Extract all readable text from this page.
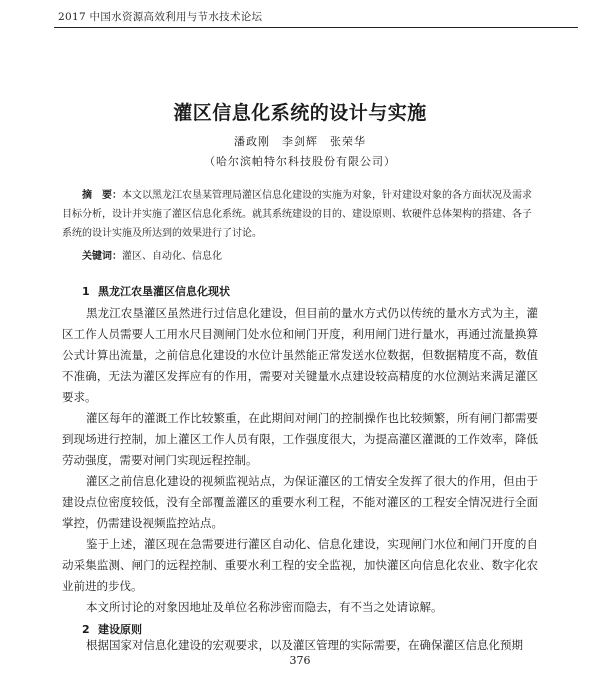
2017 中国水资源高效利用与节水技术论坛
灌区信息化系统的设计与实施
潘政刚　李剑辉　张荣华
（哈尔滨帕特尔科技股份有限公司）
摘　要：本文以黑龙江农垦某管理局灌区信息化建设的实施为对象，针对建设对象的各方面状况及需求目标分析，设计并实施了灌区信息化系统。就其系统建设的目的、建设原则、软硬件总体架构的搭建、各子系统的设计实施及所达到的效果进行了讨论。
关键词：灌区、自动化、信息化
1 黑龙江农垦灌区信息化现状
黑龙江农垦灌区虽然进行过信息化建设，但目前的量水方式仍以传统的量水方式为主，灌区工作人员需要人工用水尺目测闸门处水位和闸门开度，利用闸门进行量水，再通过流量换算公式计算出流量，之前信息化建设的水位计虽然能正常发送水位数据，但数据精度不高，数值不准确，无法为灌区发挥应有的作用，需要对关键量水点建设较高精度的水位测站来满足灌区要求。
灌区每年的灌溉工作比较繁重，在此期间对闸门的控制操作也比较频繁，所有闸门都需要到现场进行控制，加上灌区工作人员有限，工作强度很大，为提高灌区灌溉的工作效率，降低劳动强度，需要对闸门实现远程控制。
灌区之前信息化建设的视频监视站点，为保证灌区的工情安全发挥了很大的作用，但由于建设点位密度较低，没有全部覆盖灌区的重要水利工程，不能对灌区的工程安全情况进行全面掌控，仍需建设视频监控站点。
鉴于上述，灌区现在急需要进行灌区自动化、信息化建设，实现闸门水位和闸门开度的自动采集监测、闸门的远程控制、重要水利工程的安全监视，加快灌区向信息化农业、数字化农业前进的步伐。
本文所讨论的对象因地址及单位名称涉密而隐去，有不当之处请谅解。
2 建设原则
根据国家对信息化建设的宏观要求，以及灌区管理的实际需要，在确保灌区信息化预期
376
